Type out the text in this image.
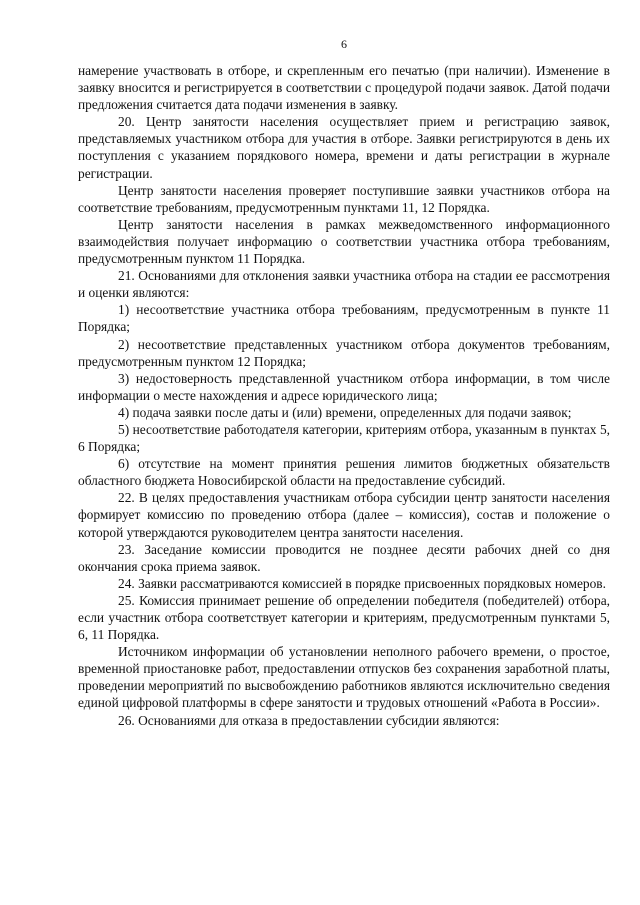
6

намерение участвовать в отборе, и скрепленным его печатью (при наличии). Изменение в заявку вносится и регистрируется в соответствии с процедурой подачи заявок. Датой подачи предложения считается дата подачи изменения в заявку.

20. Центр занятости населения осуществляет прием и регистрацию заявок, представляемых участником отбора для участия в отборе. Заявки регистрируются в день их поступления с указанием порядкового номера, времени и даты регистрации в журнале регистрации.

Центр занятости населения проверяет поступившие заявки участников отбора на соответствие требованиям, предусмотренным пунктами 11, 12 Порядка.

Центр занятости населения в рамках межведомственного информационного взаимодействия получает информацию о соответствии участника отбора требованиям, предусмотренным пунктом 11 Порядка.

21. Основаниями для отклонения заявки участника отбора на стадии ее рассмотрения и оценки являются:

1) несоответствие участника отбора требованиям, предусмотренным в пункте 11 Порядка;

2) несоответствие представленных участником отбора документов требованиям, предусмотренным пунктом 12 Порядка;

3) недостоверность представленной участником отбора информации, в том числе информации о месте нахождения и адресе юридического лица;

4) подача заявки после даты и (или) времени, определенных для подачи заявок;

5) несоответствие работодателя категории, критериям отбора, указанным в пунктах 5, 6 Порядка;

6) отсутствие на момент принятия решения лимитов бюджетных обязательств областного бюджета Новосибирской области на предоставление субсидий.

22. В целях предоставления участникам отбора субсидии центр занятости населения формирует комиссию по проведению отбора (далее – комиссия), состав и положение о которой утверждаются руководителем центра занятости населения.

23. Заседание комиссии проводится не позднее десяти рабочих дней со дня окончания срока приема заявок.

24. Заявки рассматриваются комиссией в порядке присвоенных порядковых номеров.

25. Комиссия принимает решение об определении победителя (победителей) отбора, если участник отбора соответствует категории и критериям, предусмотренным пунктами 5, 6, 11 Порядка.

Источником информации об установлении неполного рабочего времени, о простое, временной приостановке работ, предоставлении отпусков без сохранения заработной платы, проведении мероприятий по высвобождению работников являются исключительно сведения единой цифровой платформы в сфере занятости и трудовых отношений «Работа в России».

26. Основаниями для отказа в предоставлении субсидии являются:
